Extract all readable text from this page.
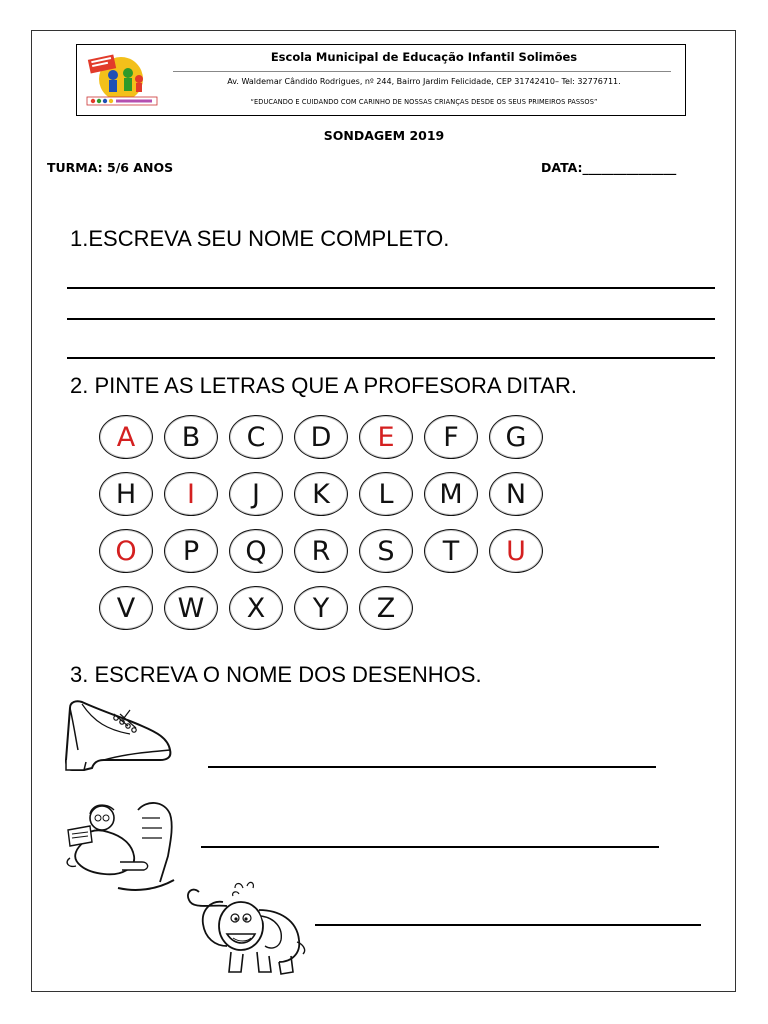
Escola Municipal de Educação Infantil Solimões
Av. Waldemar Cândido Rodrigues, nº 244, Bairro Jardim Felicidade, CEP 31742410– Tel: 32776711.
“EDUCANDO E CUIDANDO COM CARINHO DE NOSSAS CRIANÇAS DESDE OS SEUS PRIMEIROS PASSOS”
SONDAGEM 2019
TURMA: 5/6 ANOS	DATA:_______________
1.ESCREVA SEU NOME COMPLETO.
2. PINTE AS LETRAS QUE A PROFESORA DITAR.
A	B	C	D	E	F	G
H	I	J	K	L	M	N
O	P	Q	R	S	T	U
V	W	X	Y	Z
3. ESCREVA O NOME DOS DESENHOS.
